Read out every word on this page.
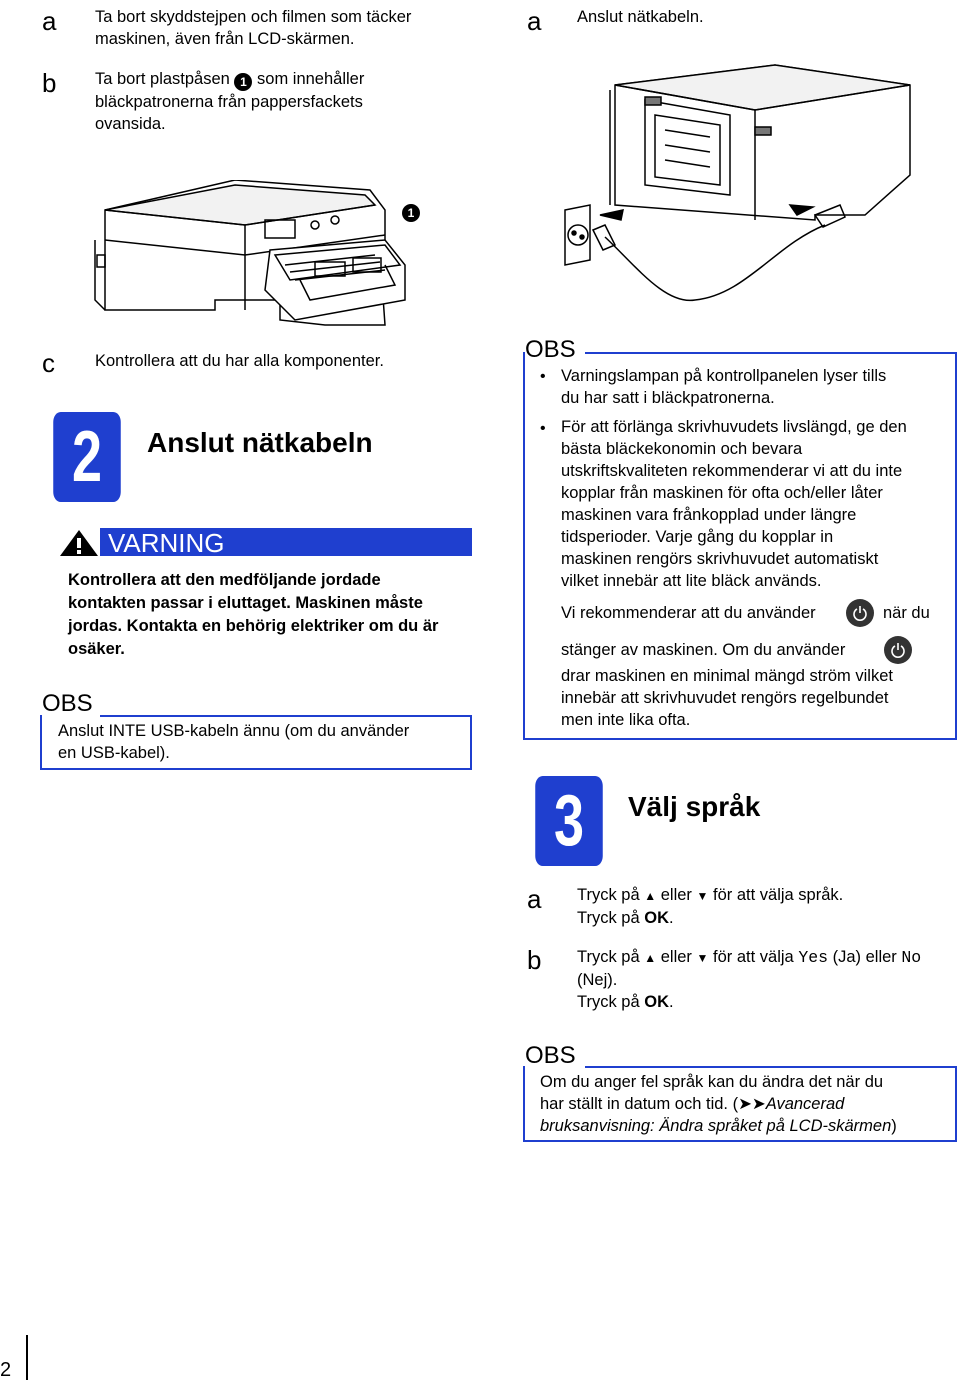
a Ta bort skyddstejpen och filmen som täcker
maskinen, även från LCD-skärmen.
b Ta bort plastpåsen 1 som innehåller
bläckpatronerna från pappersfackets
ovansida.
1
c Kontrollera att du har alla komponenter.
2 Anslut nätkabeln
VARNING
Kontrollera att den medföljande jordade
kontakten passar i eluttaget. Maskinen måste
jordas. Kontakta en behörig elektriker om du är
osäker.
OBS
Anslut INTE USB-kabeln ännu (om du använder
en USB-kabel).
a Anslut nätkabeln.
OBS
• Varningslampan på kontrollpanelen lyser tills
du har satt i bläckpatronerna.
• För att förlänga skrivhuvudets livslängd, ge den
bästa bläckekonomin och bevara
utskriftskvaliteten rekommenderar vi att du inte
kopplar från maskinen för ofta och/eller låter
maskinen vara frånkopplad under längre
tidsperioder. Varje gång du kopplar in
maskinen rengörs skrivhuvudet automatiskt
vilket innebär att lite bläck används.
Vi rekommenderar att du använder	när du
stänger av maskinen. Om du använder
drar maskinen en minimal mängd ström vilket
innebär att skrivhuvudet rengörs regelbundet
men inte lika ofta.
3 Välj språk
a Tryck på ▲ eller ▼ för att välja språk.
Tryck på OK.
b Tryck på ▲ eller ▼ för att välja Yes (Ja) eller No
(Nej).
Tryck på OK.
OBS
Om du anger fel språk kan du ändra det när du
har ställt in datum och tid. (➤➤Avancerad
bruksanvisning: Ändra språket på LCD-skärmen)
2
